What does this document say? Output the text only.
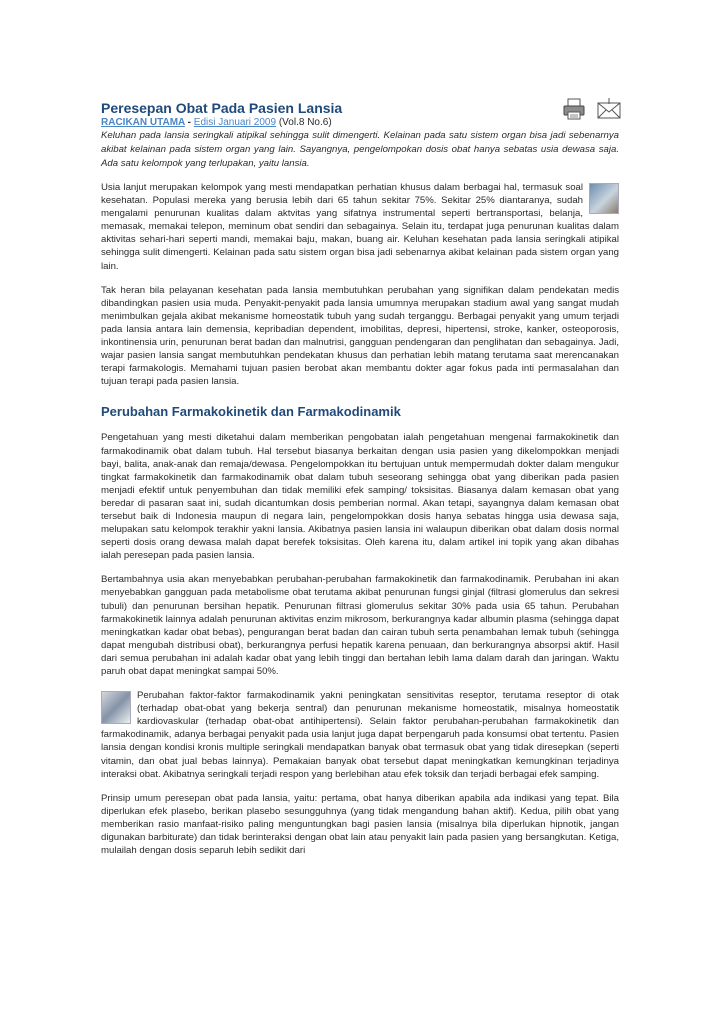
Peresepan Obat Pada Pasien Lansia
RACIKAN UTAMA - Edisi Januari 2009 (Vol.8 No.6)

Keluhan pada lansia seringkali atipikal sehingga sulit dimengerti. Kelainan pada satu sistem organ bisa jadi sebenarnya akibat kelainan pada sistem organ yang lain. Sayangnya, pengelompokan dosis obat hanya sebatas usia dewasa saja. Ada satu kelompok yang terlupakan, yaitu lansia.

Usia lanjut merupakan kelompok yang mesti mendapatkan perhatian khusus dalam berbagai hal, termasuk soal kesehatan. Populasi mereka yang berusia lebih dari 65 tahun sekitar 75%. Sekitar 25% diantaranya, sudah mengalami penurunan kualitas dalam aktvitas yang sifatnya instrumental seperti bertransportasi, belanja, memasak, memakai telepon, meminum obat sendiri dan sebagainya. Selain itu, terdapat juga penurunan kualitas dalam aktivitas sehari-hari seperti mandi, memakai baju, makan, buang air. Keluhan kesehatan pada lansia seringkali atipikal sehingga sulit dimengerti. Kelainan pada satu sistem organ bisa jadi sebenarnya akibat kelainan pada sistem organ yang lain.

Tak heran bila pelayanan kesehatan pada lansia membutuhkan perubahan yang signifikan dalam pendekatan medis dibandingkan pasien usia muda. Penyakit-penyakit pada lansia umumnya merupakan stadium awal yang sangat mudah menimbulkan gejala akibat mekanisme homeostatik tubuh yang sudah terganggu. Berbagai penyakit yang umum terjadi pada lansia antara lain demensia, kepribadian dependent, imobilitas, depresi, hipertensi, stroke, kanker, osteoporosis, inkontinensia urin, penurunan berat badan dan malnutrisi, gangguan pendengaran dan penglihatan dan sebagainya. Jadi, wajar pasien lansia sangat membutuhkan pendekatan khusus dan perhatian lebih matang terutama saat merencanakan terapi farmakologis. Memahami tujuan pasien berobat akan membantu dokter agar fokus pada inti permasalahan dan tujuan terapi pada pasien lansia.

Perubahan Farmakokinetik dan Farmakodinamik

Pengetahuan yang mesti diketahui dalam memberikan pengobatan ialah pengetahuan mengenai farmakokinetik dan farmakodinamik obat dalam tubuh. Hal tersebut biasanya berkaitan dengan usia pasien yang dikelompokkan menjadi bayi, balita, anak-anak dan remaja/dewasa. Pengelompokkan itu bertujuan untuk mempermudah dokter dalam mengukur tingkat farmakokinetik dan farmakodinamik obat dalam tubuh seseorang sehingga obat yang diberikan pada pasien menjadi efektif untuk penyembuhan dan tidak memiliki efek samping/ toksisitas. Biasanya dalam kemasan obat yang beredar di pasaran saat ini, sudah dicantumkan dosis pemberian normal. Akan tetapi, sayangnya dalam kemasan obat tersebut baik di Indonesia maupun di negara lain, pengelompokkan dosis hanya sebatas hingga usia dewasa saja, melupakan satu kelompok terakhir yakni lansia. Akibatnya pasien lansia ini walaupun diberikan obat dalam dosis normal seperti dosis orang dewasa malah dapat berefek toksisitas. Oleh karena itu, dalam artikel ini topik yang akan dibahas ialah peresepan pada pasien lansia.

Bertambahnya usia akan menyebabkan perubahan-perubahan farmakokinetik dan farmakodinamik. Perubahan ini akan menyebabkan gangguan pada metabolisme obat terutama akibat penurunan fungsi ginjal (filtrasi glomerulus dan sekresi tubuli) dan penurunan bersihan hepatik. Penurunan filtrasi glomerulus sekitar 30% pada usia 65 tahun. Perubahan farmakokinetik lainnya adalah penurunan aktivitas enzim mikrosom, berkurangnya kadar albumin plasma (sehingga dapat meningkatkan kadar obat bebas), pengurangan berat badan dan cairan tubuh serta penambahan lemak tubuh (sehingga dapat mengubah distribusi obat), berkurangnya perfusi hepatik karena penuaan, dan berkurangnya absorpsi aktif. Hasil dari semua perubahan ini adalah kadar obat yang lebih tinggi dan bertahan lebih lama dalam darah dan jaringan. Waktu paruh obat dapat meningkat sampai 50%.

Perubahan faktor-faktor farmakodinamik yakni peningkatan sensitivitas reseptor, terutama reseptor di otak (terhadap obat-obat yang bekerja sentral) dan penurunan mekanisme homeostatik, misalnya homeostatik kardiovaskular (terhadap obat-obat antihipertensi). Selain faktor perubahan-perubahan farmakokinetik dan farmakodinamik, adanya berbagai penyakit pada usia lanjut juga dapat berpengaruh pada konsumsi obat tertentu. Pasien lansia dengan kondisi kronis multiple seringkali mendapatkan banyak obat termasuk obat yang tidak diresepkan (seperti vitamin, dan obat jual bebas lainnya). Pemakaian banyak obat tersebut dapat meningkatkan kemungkinan terjadinya interaksi obat. Akibatnya seringkali terjadi respon yang berlebihan atau efek toksik dan terjadi berbagai efek samping.

Prinsip umum peresepan obat pada lansia, yaitu: pertama, obat hanya diberikan apabila ada indikasi yang tepat. Bila diperlukan efek plasebo, berikan plasebo sesungguhnya (yang tidak mengandung bahan aktif). Kedua, pilih obat yang memberikan rasio manfaat-risiko paling menguntungkan bagi pasien lansia (misalnya bila diperlukan hipnotik, jangan digunakan barbiturate) dan tidak berinteraksi dengan obat lain atau penyakit lain pada pasien yang bersangkutan. Ketiga, mulailah dengan dosis separuh lebih sedikit dari
